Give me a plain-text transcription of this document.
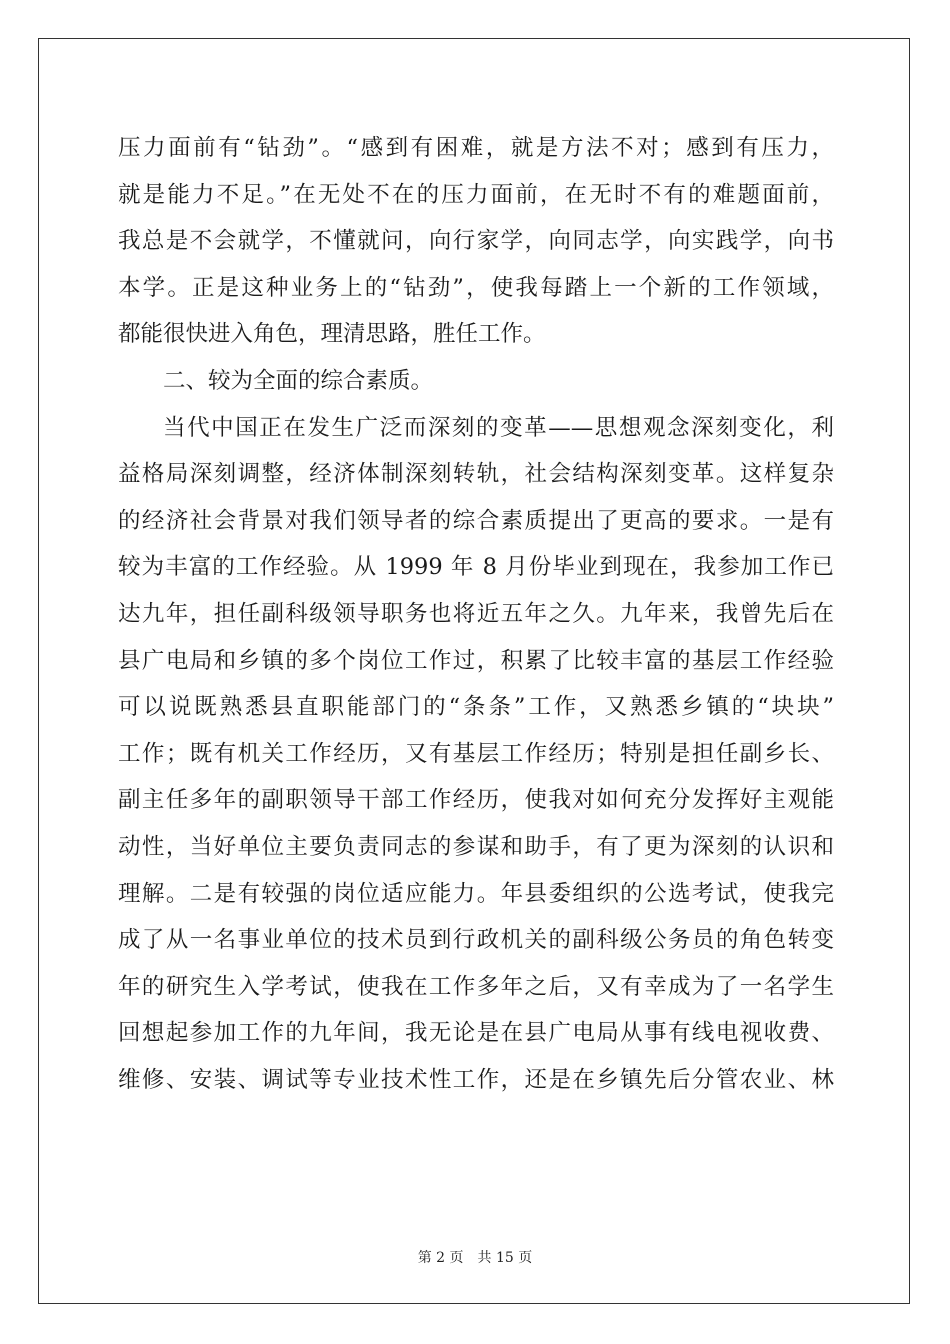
压力面前有“钻劲”。“感到有困难，就是方法不对；感到有压力，
就是能力不足。”在无处不在的压力面前，在无时不有的难题面前，
我总是不会就学，不懂就问，向行家学，向同志学，向实践学，向书
本学。正是这种业务上的“钻劲”，使我每踏上一个新的工作领域，
都能很快进入角色，理清思路，胜任工作。
二、较为全面的综合素质。
当代中国正在发生广泛而深刻的变革——思想观念深刻变化，利
益格局深刻调整，经济体制深刻转轨，社会结构深刻变革。这样复杂
的经济社会背景对我们领导者的综合素质提出了更高的要求。一是有
较为丰富的工作经验。从 1999 年 8 月份毕业到现在，我参加工作已
达九年，担任副科级领导职务也将近五年之久。九年来，我曾先后在
县广电局和乡镇的多个岗位工作过，积累了比较丰富的基层工作经验
可以说既熟悉县直职能部门的“条条”工作，又熟悉乡镇的“块块”
工作；既有机关工作经历，又有基层工作经历；特别是担任副乡长、
副主任多年的副职领导干部工作经历，使我对如何充分发挥好主观能
动性，当好单位主要负责同志的参谋和助手，有了更为深刻的认识和
理解。二是有较强的岗位适应能力。年县委组织的公选考试，使我完
成了从一名事业单位的技术员到行政机关的副科级公务员的角色转变
年的研究生入学考试，使我在工作多年之后，又有幸成为了一名学生
回想起参加工作的九年间，我无论是在县广电局从事有线电视收费、
维修、安装、调试等专业技术性工作，还是在乡镇先后分管农业、林
第 2 页 共 15 页
